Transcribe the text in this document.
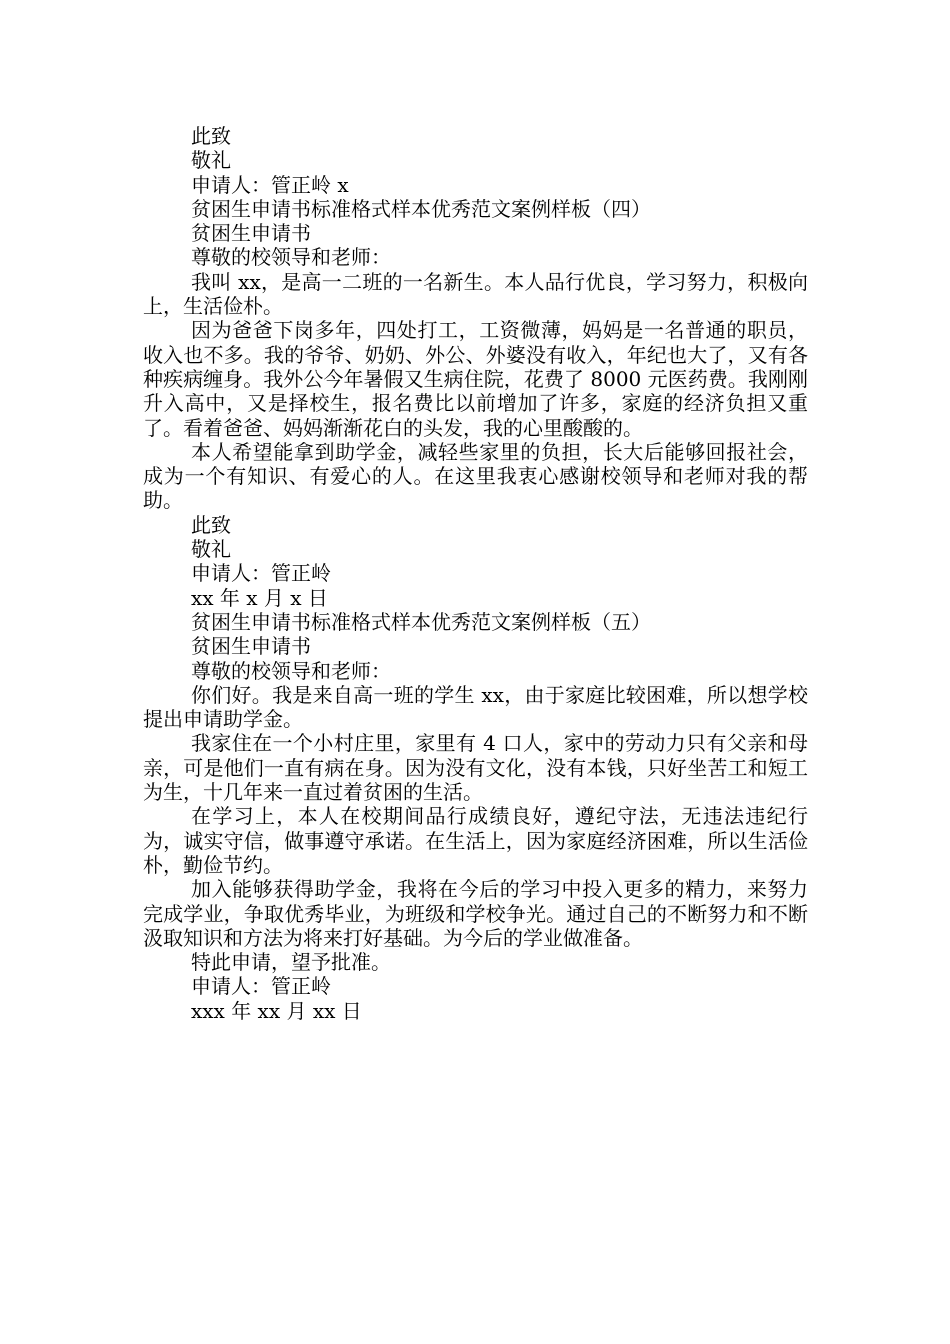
此致

敬礼

申请人：管正岭 x

贫困生申请书标准格式样本优秀范文案例样板（四）

贫困生申请书

尊敬的校领导和老师：

我叫 xx，是高一二班的一名新生。本人品行优良，学习努力，积极向上，生活俭朴。

因为爸爸下岗多年，四处打工，工资微薄，妈妈是一名普通的职员，收入也不多。我的爷爷、奶奶、外公、外婆没有收入，年纪也大了，又有各种疾病缠身。我外公今年暑假又生病住院，花费了 8000 元医药费。我刚刚升入高中，又是择校生，报名费比以前增加了许多，家庭的经济负担又重了。看着爸爸、妈妈渐渐花白的头发，我的心里酸酸的。

本人希望能拿到助学金，减轻些家里的负担，长大后能够回报社会，成为一个有知识、有爱心的人。在这里我衷心感谢校领导和老师对我的帮助。

此致

敬礼

申请人：管正岭

xx 年 x 月 x 日

贫困生申请书标准格式样本优秀范文案例样板（五）

贫困生申请书

尊敬的校领导和老师：

你们好。我是来自高一班的学生 xx，由于家庭比较困难，所以想学校提出申请助学金。

我家住在一个小村庄里，家里有 4 口人，家中的劳动力只有父亲和母亲，可是他们一直有病在身。因为没有文化，没有本钱，只好坐苦工和短工为生，十几年来一直过着贫困的生活。

在学习上，本人在校期间品行成绩良好，遵纪守法，无违法违纪行为，诚实守信，做事遵守承诺。在生活上，因为家庭经济困难，所以生活俭朴，勤俭节约。

加入能够获得助学金，我将在今后的学习中投入更多的精力，来努力完成学业，争取优秀毕业，为班级和学校争光。通过自己的不断努力和不断汲取知识和方法为将来打好基础。为今后的学业做准备。

特此申请，望予批准。

申请人：管正岭

xxx 年 xx 月 xx 日
